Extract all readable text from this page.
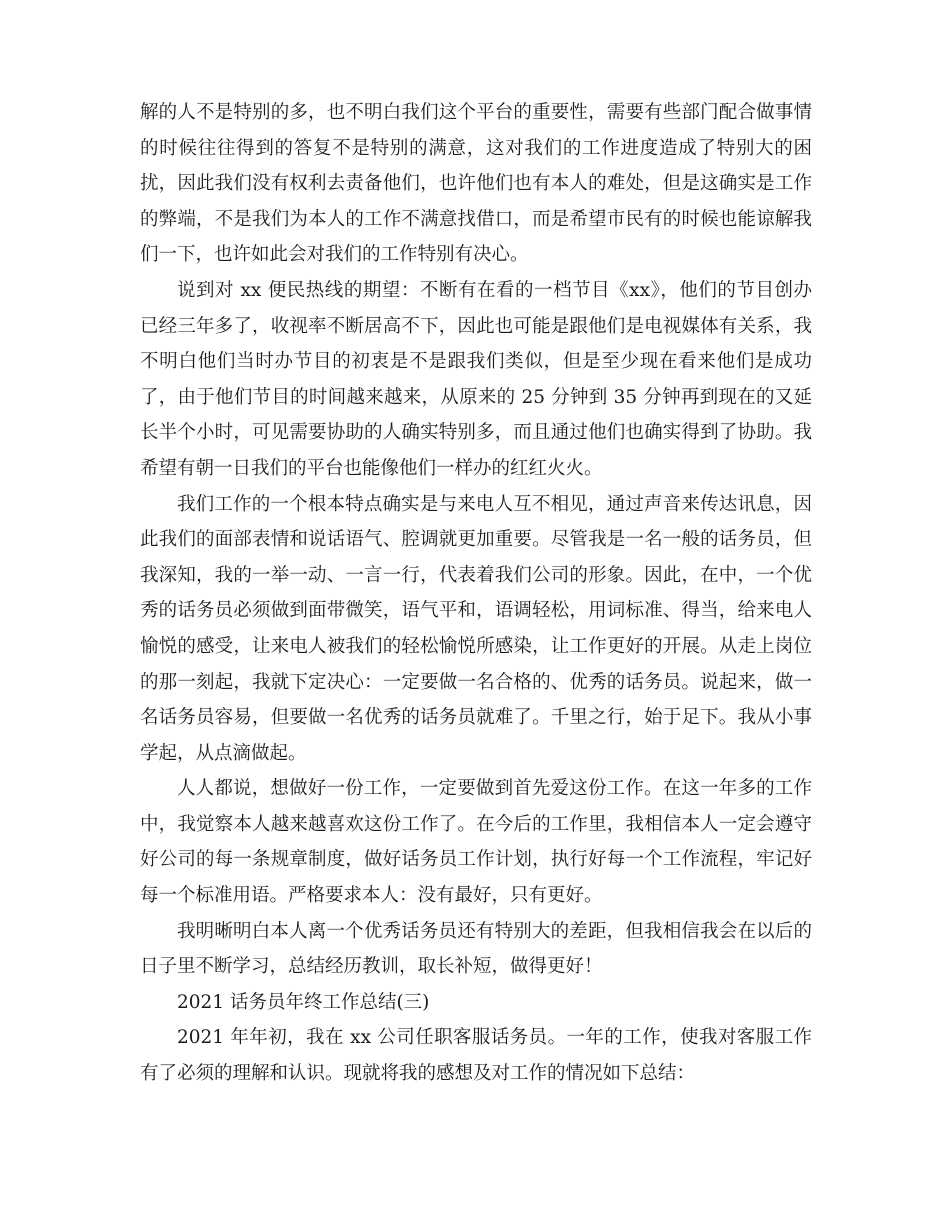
解的人不是特别的多，也不明白我们这个平台的重要性，需要有些部门配合做事情的时候往往得到的答复不是特别的满意，这对我们的工作进度造成了特别大的困扰，因此我们没有权利去责备他们，也许他们也有本人的难处，但是这确实是工作的弊端，不是我们为本人的工作不满意找借口，而是希望市民有的时候也能谅解我们一下，也许如此会对我们的工作特别有决心。

说到对 xx 便民热线的期望：不断有在看的一档节目《xx》，他们的节目创办已经三年多了，收视率不断居高不下，因此也可能是跟他们是电视媒体有关系，我不明白他们当时办节目的初衷是不是跟我们类似，但是至少现在看来他们是成功了，由于他们节目的时间越来越来，从原来的 25 分钟到 35 分钟再到现在的又延长半个小时，可见需要协助的人确实特别多，而且通过他们也确实得到了协助。我希望有朝一日我们的平台也能像他们一样办的红红火火。

我们工作的一个根本特点确实是与来电人互不相见，通过声音来传达讯息，因此我们的面部表情和说话语气、腔调就更加重要。尽管我是一名一般的话务员，但我深知，我的一举一动、一言一行，代表着我们公司的形象。因此，在中，一个优秀的话务员必须做到面带微笑，语气平和，语调轻松，用词标准、得当，给来电人愉悦的感受，让来电人被我们的轻松愉悦所感染，让工作更好的开展。从走上岗位的那一刻起，我就下定决心：一定要做一名合格的、优秀的话务员。说起来，做一名话务员容易，但要做一名优秀的话务员就难了。千里之行，始于足下。我从小事学起，从点滴做起。

人人都说，想做好一份工作，一定要做到首先爱这份工作。在这一年多的工作中，我觉察本人越来越喜欢这份工作了。在今后的工作里，我相信本人一定会遵守好公司的每一条规章制度，做好话务员工作计划，执行好每一个工作流程，牢记好每一个标准用语。严格要求本人：没有最好，只有更好。

我明晰明白本人离一个优秀话务员还有特别大的差距，但我相信我会在以后的日子里不断学习，总结经历教训，取长补短，做得更好！

2021 话务员年终工作总结(三)

2021 年年初，我在 xx 公司任职客服话务员。一年的工作，使我对客服工作有了必须的理解和认识。现就将我的感想及对工作的情况如下总结：
